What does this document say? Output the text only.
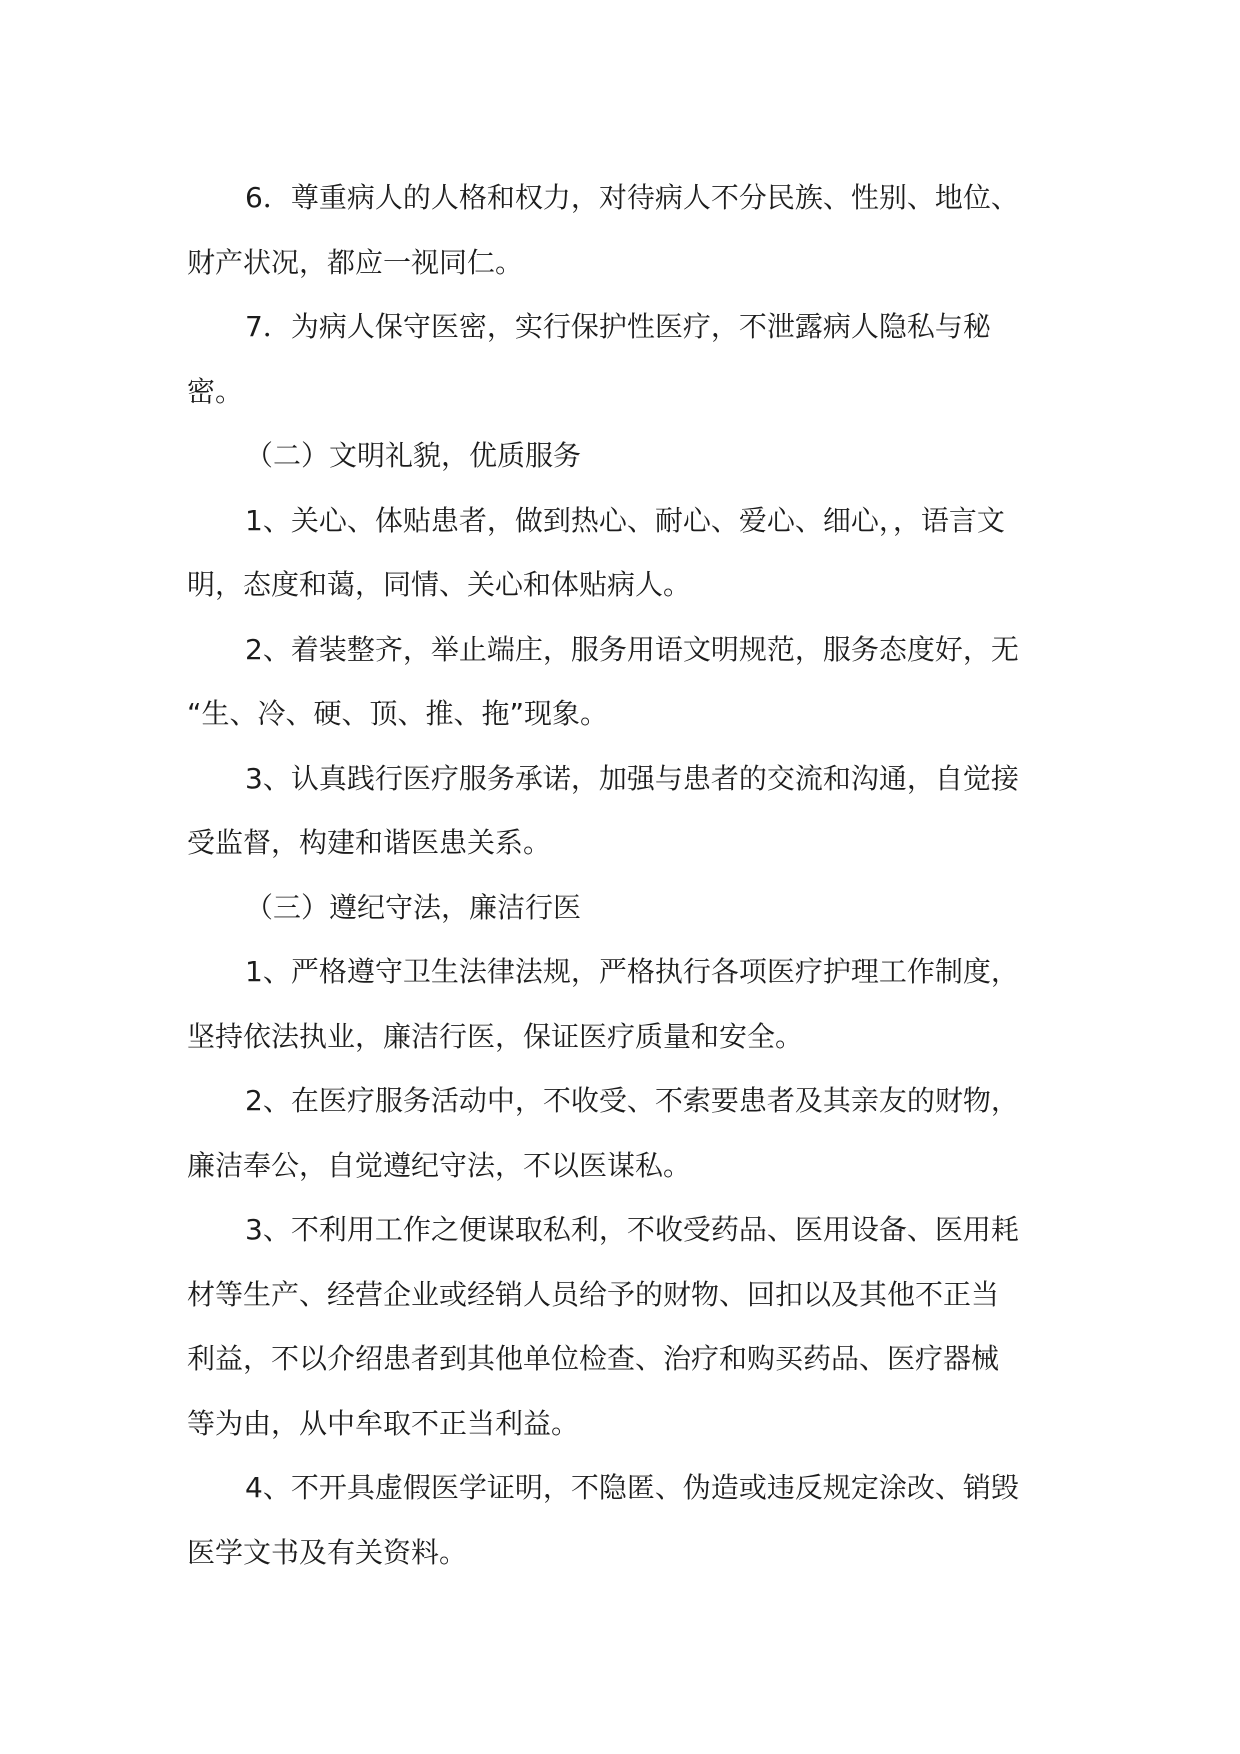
6．尊重病人的人格和权力，对待病人不分民族、性别、地位、
财产状况，都应一视同仁。
7．为病人保守医密，实行保护性医疗，不泄露病人隐私与秘
密。
（二）文明礼貌，优质服务
1、关心、体贴患者，做到热心、耐心、爱心、细心，，语言文
明，态度和蔼，同情、关心和体贴病人。
2、着装整齐，举止端庄，服务用语文明规范，服务态度好，无
“生、冷、硬、顶、推、拖”现象。
3、认真践行医疗服务承诺，加强与患者的交流和沟通，自觉接
受监督，构建和谐医患关系。
（三）遵纪守法，廉洁行医
1、严格遵守卫生法律法规，严格执行各项医疗护理工作制度，
坚持依法执业，廉洁行医，保证医疗质量和安全。
2、在医疗服务活动中，不收受、不索要患者及其亲友的财物，
廉洁奉公，自觉遵纪守法，不以医谋私。
3、不利用工作之便谋取私利，不收受药品、医用设备、医用耗
材等生产、经营企业或经销人员给予的财物、回扣以及其他不正当
利益，不以介绍患者到其他单位检查、治疗和购买药品、医疗器械
等为由，从中牟取不正当利益。
4、不开具虚假医学证明，不隐匿、伪造或违反规定涂改、销毁
医学文书及有关资料。
